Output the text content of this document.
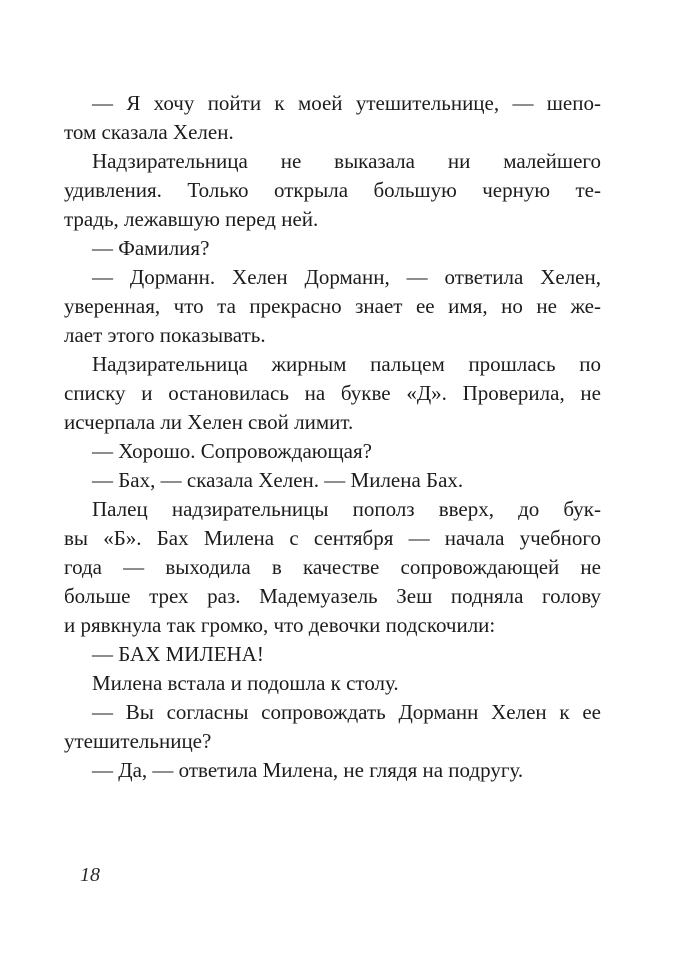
— Я хочу пойти к моей утешительнице, — шепо-
том сказала Хелен.
Надзирательница не выказала ни малейшего
удивления. Только открыла большую черную те-
традь, лежавшую перед ней.
— Фамилия?
— Дорманн. Хелен Дорманн, — ответила Хелен,
уверенная, что та прекрасно знает ее имя, но не же-
лает этого показывать.
Надзирательница жирным пальцем прошлась по
списку и остановилась на букве «Д». Проверила, не
исчерпала ли Хелен свой лимит.
— Хорошо. Сопровождающая?
— Бах, — сказала Хелен. — Милена Бах.
Палец надзирательницы пополз вверх, до бук-
вы «Б». Бах Милена с сентября — начала учебного
года — выходила в качестве сопровождающей не
больше трех раз. Мадемуазель Зеш подняла голову
и рявкнула так громко, что девочки подскочили:
— БАХ МИЛЕНА!
Милена встала и подошла к столу.
— Вы согласны сопровождать Дорманн Хелен к ее
утешительнице?
— Да, — ответила Милена, не глядя на подругу.
18
